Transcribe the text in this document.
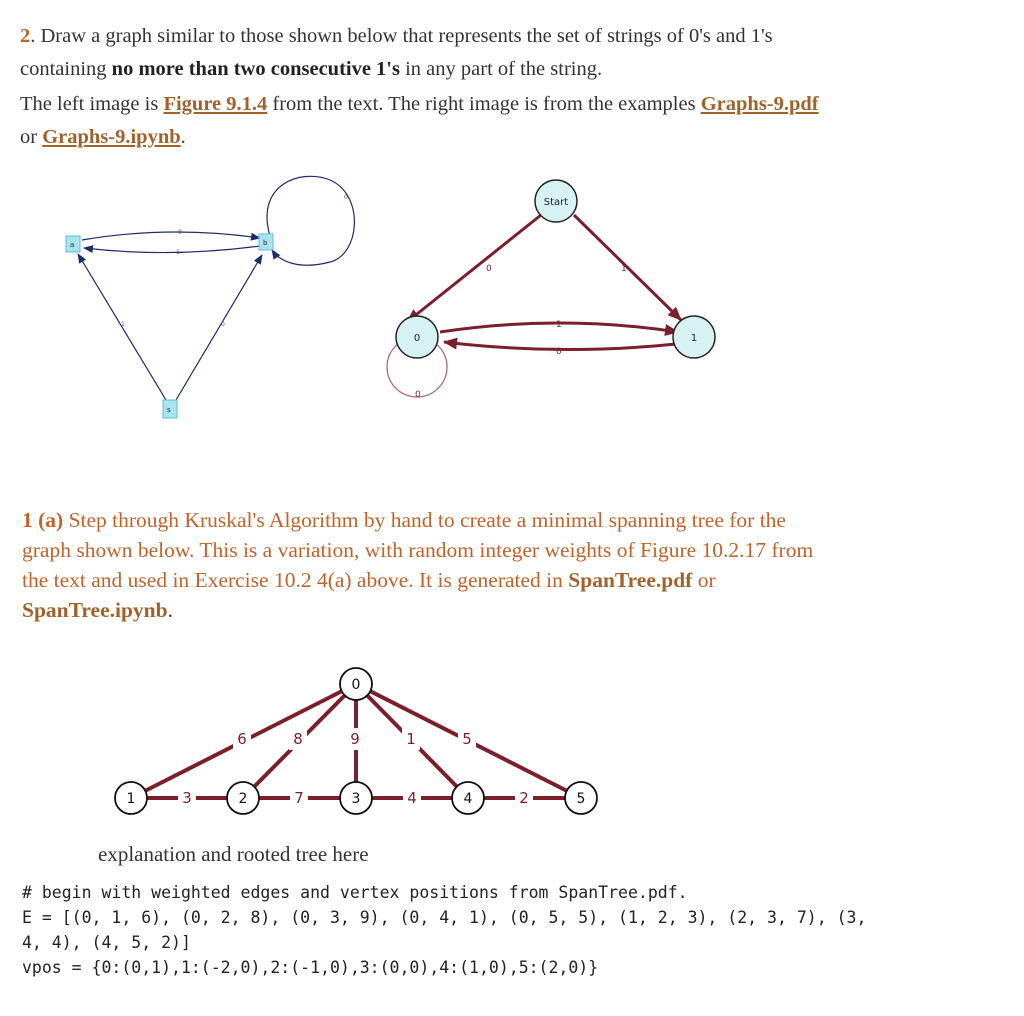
2. Draw a graph similar to those shown below that represents the set of strings of 0's and 1's
containing no more than two consecutive 1's in any part of the string.
The left image is Figure 9.1.4 from the text. The right image is from the examples Graphs-9.pdf
or Graphs-9.ipynb.
0
1
0
1	0
a	b
s
0	1
1
0
0
Start
0	1
1 (a) Step through Kruskal's Algorithm by hand to create a minimal spanning tree for the
graph shown below. This is a variation, with random integer weights of Figure 10.2.17 from
the text and used in Exercise 10.2 4(a) above. It is generated in SpanTree.pdf or
SpanTree.ipynb.
6	8	9	1	5
3	7	4	2
0
1	2	3	4	5
explanation and rooted tree here
# begin with weighted edges and vertex positions from SpanTree.pdf.
E = [(0, 1, 6), (0, 2, 8), (0, 3, 9), (0, 4, 1), (0, 5, 5), (1, 2, 3), (2, 3, 7), (3,
4, 4), (4, 5, 2)]
vpos = {0:(0,1),1:(-2,0),2:(-1,0),3:(0,0),4:(1,0),5:(2,0)}
